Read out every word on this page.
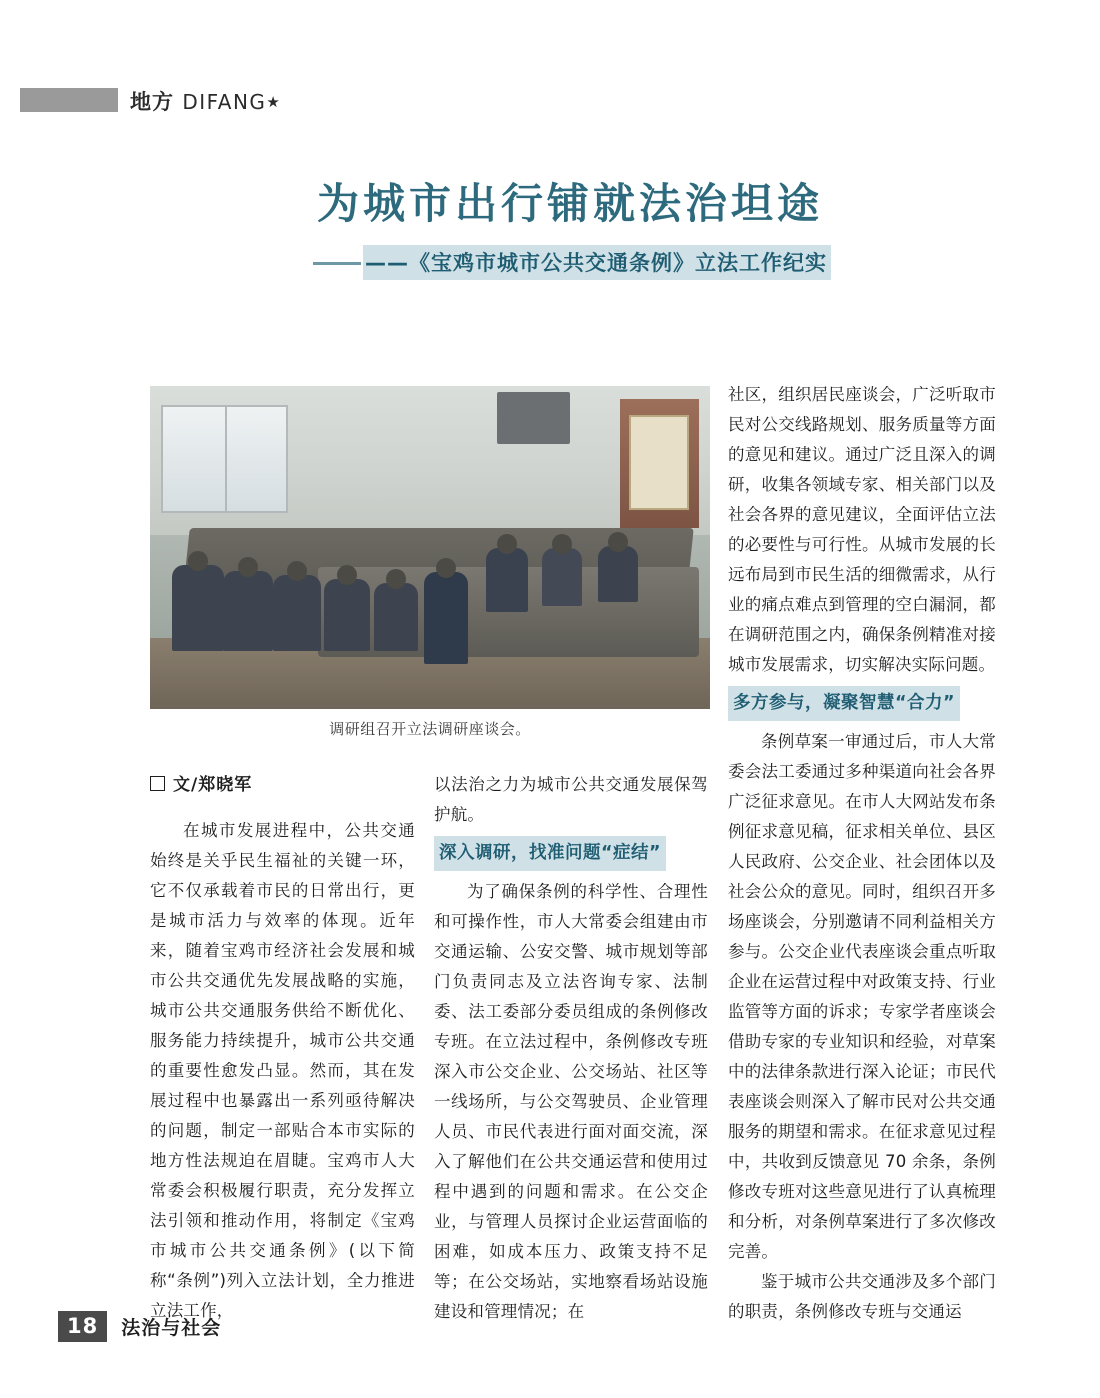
地方 DIFANG★
为城市出行铺就法治坦途
——《宝鸡市城市公共交通条例》立法工作纪实
调研组召开立法调研座谈会。
文/郑晓军

在城市发展进程中，公共交通始终是关乎民生福祉的关键一环，它不仅承载着市民的日常出行，更是城市活力与效率的体现。近年来，随着宝鸡市经济社会发展和城市公共交通优先发展战略的实施，城市公共交通服务供给不断优化、服务能力持续提升，城市公共交通的重要性愈发凸显。然而，其在发展过程中也暴露出一系列亟待解决的问题，制定一部贴合本市实际的地方性法规迫在眉睫。宝鸡市人大常委会积极履行职责，充分发挥立法引领和推动作用，将制定《宝鸡市城市公共交通条例》(以下简称“条例”)列入立法计划，全力推进立法工作，

以法治之力为城市公共交通发展保驾护航。

深入调研，找准问题“症结”

为了确保条例的科学性、合理性和可操作性，市人大常委会组建由市交通运输、公安交警、城市规划等部门负责同志及立法咨询专家、法制委、法工委部分委员组成的条例修改专班。在立法过程中，条例修改专班深入市公交企业、公交场站、社区等一线场所，与公交驾驶员、企业管理人员、市民代表进行面对面交流，深入了解他们在公共交通运营和使用过程中遇到的问题和需求。在公交企业，与管理人员探讨企业运营面临的困难，如成本压力、政策支持不足等；在公交场站，实地察看场站设施建设和管理情况；在

社区，组织居民座谈会，广泛听取市民对公交线路规划、服务质量等方面的意见和建议。通过广泛且深入的调研，收集各领域专家、相关部门以及社会各界的意见建议，全面评估立法的必要性与可行性。从城市发展的长远布局到市民生活的细微需求，从行业的痛点难点到管理的空白漏洞，都在调研范围之内，确保条例精准对接城市发展需求，切实解决实际问题。

多方参与，凝聚智慧“合力”

条例草案一审通过后，市人大常委会法工委通过多种渠道向社会各界广泛征求意见。在市人大网站发布条例征求意见稿，征求相关单位、县区人民政府、公交企业、社会团体以及社会公众的意见。同时，组织召开多场座谈会，分别邀请不同利益相关方参与。公交企业代表座谈会重点听取企业在运营过程中对政策支持、行业监管等方面的诉求；专家学者座谈会借助专家的专业知识和经验，对草案中的法律条款进行深入论证；市民代表座谈会则深入了解市民对公共交通服务的期望和需求。在征求意见过程中，共收到反馈意见 70 余条，条例修改专班对这些意见进行了认真梳理和分析，对条例草案进行了多次修改完善。

鉴于城市公共交通涉及多个部门的职责，条例修改专班与交通运

18	法治与社会
